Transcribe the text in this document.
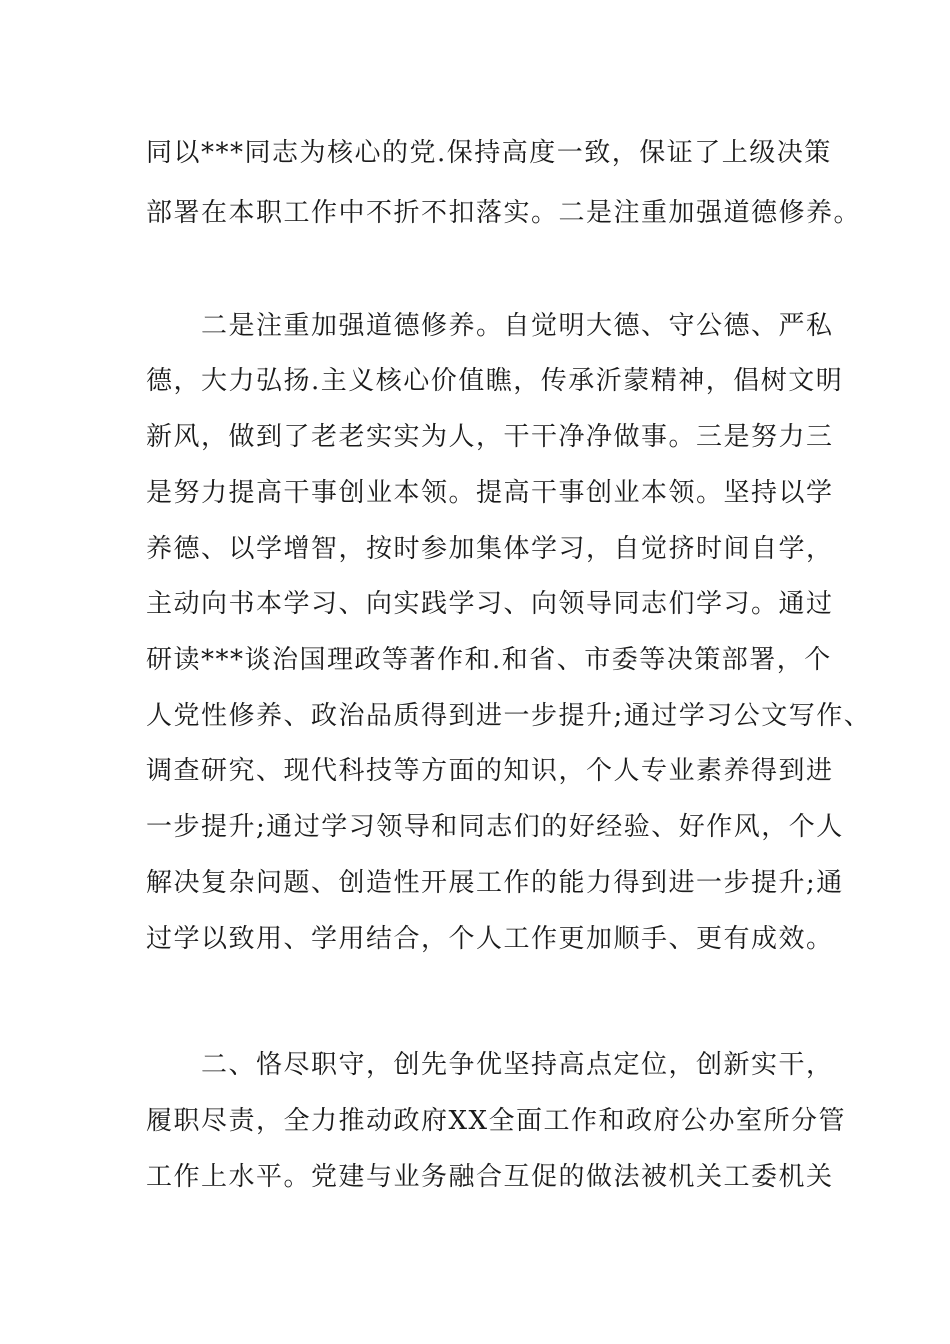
同以***同志为核心的党.保持高度一致，保证了上级决策
部署在本职工作中不折不扣落实。二是注重加强道德修养。
　　二是注重加强道德修养。自觉明大德、守公德、严私
德，大力弘扬.主义核心价值瞧，传承沂蒙精神，倡树文明
新风，做到了老老实实为人，干干净净做事。三是努力三
是努力提高干事创业本领。提高干事创业本领。坚持以学
养德、以学增智，按时参加集体学习，自觉挤时间自学，
主动向书本学习、向实践学习、向领导同志们学习。通过
研读***谈治国理政等著作和.和省、市委等决策部署，个
人党性修养、政治品质得到进一步提升;通过学习公文写作、
调查研究、现代科技等方面的知识，个人专业素养得到进
一步提升;通过学习领导和同志们的好经验、好作风，个人
解决复杂问题、创造性开展工作的能力得到进一步提升;通
过学以致用、学用结合，个人工作更加顺手、更有成效。
　　二、恪尽职守，创先争优坚持高点定位，创新实干，
履职尽责，全力推动政府XX全面工作和政府公办室所分管
工作上水平。党建与业务融合互促的做法被机关工委机关
